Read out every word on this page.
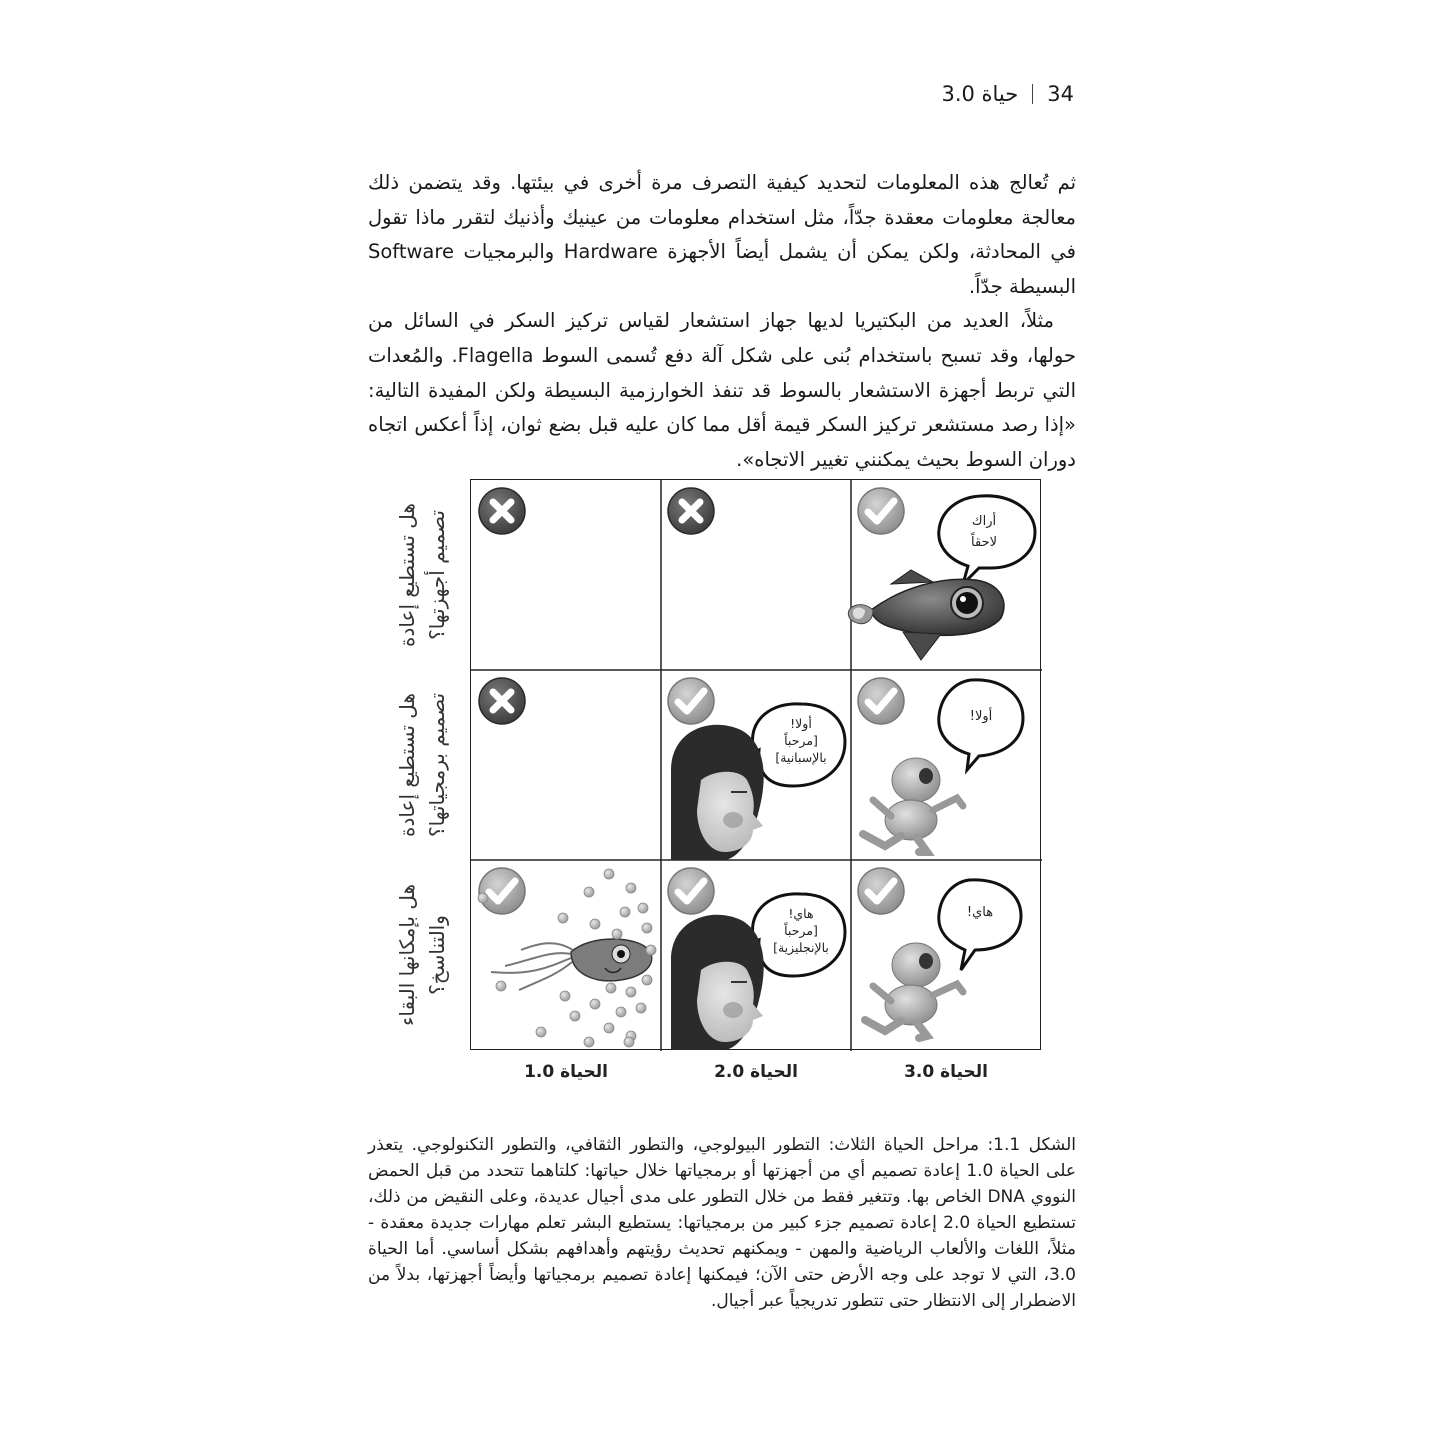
34
حياة 3.0

ثم تُعالج هذه المعلومات لتحديد كيفية التصرف مرة أخرى في بيئتها. وقد يتضمن ذلك معالجة معلومات معقدة جدّاً، مثل استخدام معلومات من عينيك وأذنيك لتقرر ماذا تقول في المحادثة، ولكن يمكن أن يشمل أيضاً الأجهزة Hardware والبرمجيات Software البسيطة جدّاً.

مثلاً، العديد من البكتيريا لديها جهاز استشعار لقياس تركيز السكر في السائل من حولها، وقد تسبح باستخدام بُنى على شكل آلة دفع تُسمى السوط Flagella. والمُعدات التي تربط أجهزة الاستشعار بالسوط قد تنفذ الخوارزمية البسيطة ولكن المفيدة التالية: «إذا رصد مستشعر تركيز السكر قيمة أقل مما كان عليه قبل بضع ثوان، إذاً أعكس اتجاه دوران السوط بحيث يمكنني تغيير الاتجاه».

هل تستطيع إعادة تصميم أجهزتها؟
هل تستطيع إعادة تصميم برمجياتها؟
هل بإمكانها البقاء والتناسخ؟
أراك
لاحقاً
أولا!
أولا!
[مرحباً
بالإسبانية]
هاي!
[مرحباً
بالإنجليزية]
هاي!
الحياة 3.0
الحياة 2.0
الحياة 1.0

الشكل 1.1: مراحل الحياة الثلاث: التطور البيولوجي، والتطور الثقافي، والتطور التكنولوجي. يتعذر على الحياة 1.0 إعادة تصميم أي من أجهزتها أو برمجياتها خلال حياتها: كلتاهما تتحدد من قبل الحمض النووي DNA الخاص بها. وتتغير فقط من خلال التطور على مدى أجيال عديدة، وعلى النقيض من ذلك، تستطيع الحياة 2.0 إعادة تصميم جزء كبير من برمجياتها: يستطيع البشر تعلم مهارات جديدة معقدة - مثلاً، اللغات والألعاب الرياضية والمهن - ويمكنهم تحديث رؤيتهم وأهدافهم بشكل أساسي. أما الحياة 3.0، التي لا توجد على وجه الأرض حتى الآن؛ فيمكنها إعادة تصميم برمجياتها وأيضاً أجهزتها، بدلاً من الاضطرار إلى الانتظار حتى تتطور تدريجياً عبر أجيال.
